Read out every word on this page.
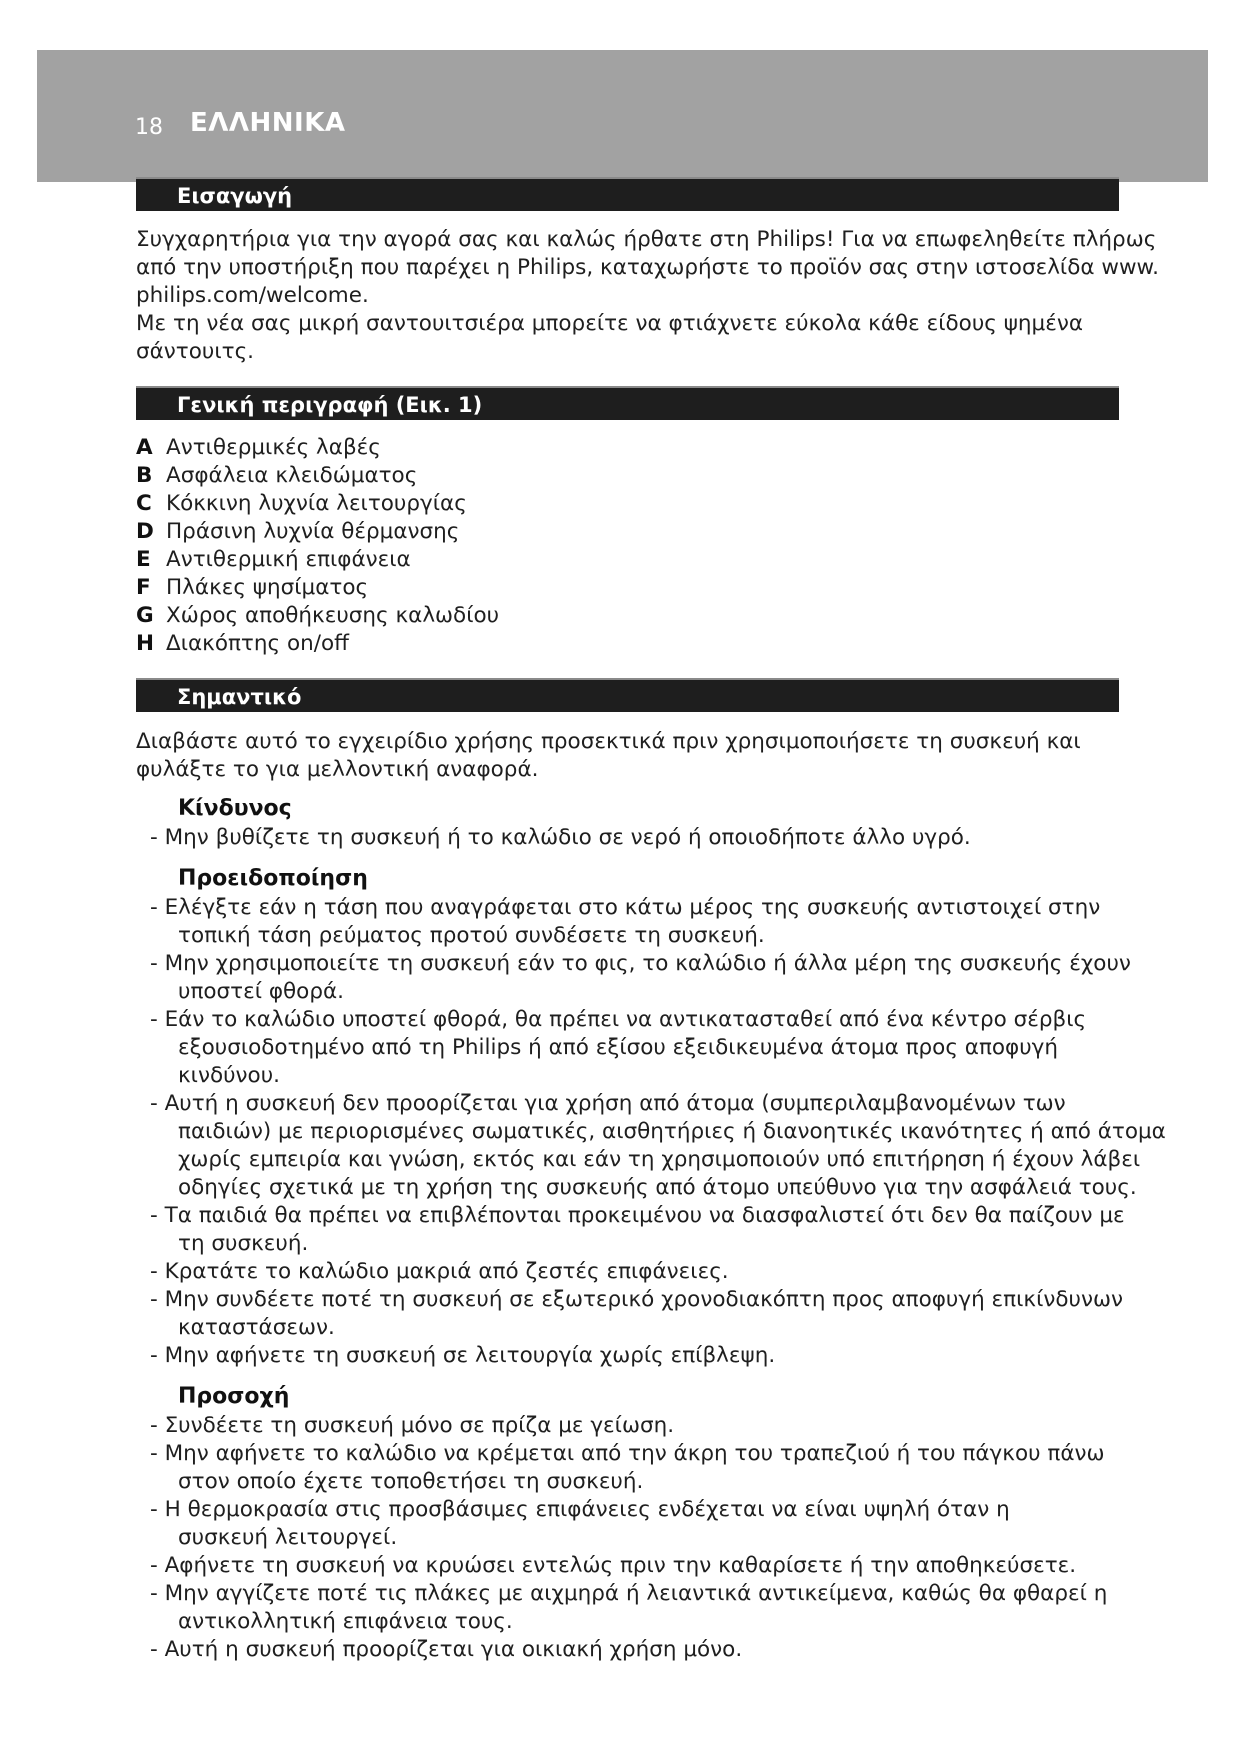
18 ΕΛΛΗΝΙΚΑ
Εισαγωγή
Συγχαρητήρια για την αγορά σας και καλώς ήρθατε στη Philips! Για να επωφεληθείτε πλήρως
από την υποστήριξη που παρέχει η Philips, καταχωρήστε το προϊόν σας στην ιστοσελίδα www.
philips.com/welcome.
Με τη νέα σας μικρή σαντουιτσιέρα μπορείτε να φτιάχνετε εύκολα κάθε είδους ψημένα
σάντουιτς.
Γενική περιγραφή (Εικ. 1)
A Αντιθερμικές λαβές
B Ασφάλεια κλειδώματος
C Κόκκινη λυχνία λειτουργίας
D Πράσινη λυχνία θέρμανσης
E Αντιθερμική επιφάνεια
F Πλάκες ψησίματος
G Χώρος αποθήκευσης καλωδίου
H Διακόπτης on/off
Σημαντικό
Διαβάστε αυτό το εγχειρίδιο χρήσης προσεκτικά πριν χρησιμοποιήσετε τη συσκευή και
φυλάξτε το για μελλοντική αναφορά.
Κίνδυνος
- Μην βυθίζετε τη συσκευή ή το καλώδιο σε νερό ή οποιοδήποτε άλλο υγρό.
Προειδοποίηση
- Ελέγξτε εάν η τάση που αναγράφεται στο κάτω μέρος της συσκευής αντιστοιχεί στην
τοπική τάση ρεύματος προτού συνδέσετε τη συσκευή.
- Μην χρησιμοποιείτε τη συσκευή εάν το φις, το καλώδιο ή άλλα μέρη της συσκευής έχουν
υποστεί φθορά.
- Εάν το καλώδιο υποστεί φθορά, θα πρέπει να αντικατασταθεί από ένα κέντρο σέρβις
εξουσιοδοτημένο από τη Philips ή από εξίσου εξειδικευμένα άτομα προς αποφυγή
κινδύνου.
- Αυτή η συσκευή δεν προορίζεται για χρήση από άτομα (συμπεριλαμβανομένων των
παιδιών) με περιορισμένες σωματικές, αισθητήριες ή διανοητικές ικανότητες ή από άτομα
χωρίς εμπειρία και γνώση, εκτός και εάν τη χρησιμοποιούν υπό επιτήρηση ή έχουν λάβει
οδηγίες σχετικά με τη χρήση της συσκευής από άτομο υπεύθυνο για την ασφάλειά τους.
- Τα παιδιά θα πρέπει να επιβλέπονται προκειμένου να διασφαλιστεί ότι δεν θα παίζουν με
τη συσκευή.
- Κρατάτε το καλώδιο μακριά από ζεστές επιφάνειες.
- Μην συνδέετε ποτέ τη συσκευή σε εξωτερικό χρονοδιακόπτη προς αποφυγή επικίνδυνων
καταστάσεων.
- Μην αφήνετε τη συσκευή σε λειτουργία χωρίς επίβλεψη.
Προσοχή
- Συνδέετε τη συσκευή μόνο σε πρίζα με γείωση.
- Μην αφήνετε το καλώδιο να κρέμεται από την άκρη του τραπεζιού ή του πάγκου πάνω
στον οποίο έχετε τοποθετήσει τη συσκευή.
- Η θερμοκρασία στις προσβάσιμες επιφάνειες ενδέχεται να είναι υψηλή όταν η
συσκευή λειτουργεί.
- Αφήνετε τη συσκευή να κρυώσει εντελώς πριν την καθαρίσετε ή την αποθηκεύσετε.
- Μην αγγίζετε ποτέ τις πλάκες με αιχμηρά ή λειαντικά αντικείμενα, καθώς θα φθαρεί η
αντικολλητική επιφάνεια τους.
- Αυτή η συσκευή προορίζεται για οικιακή χρήση μόνο.
